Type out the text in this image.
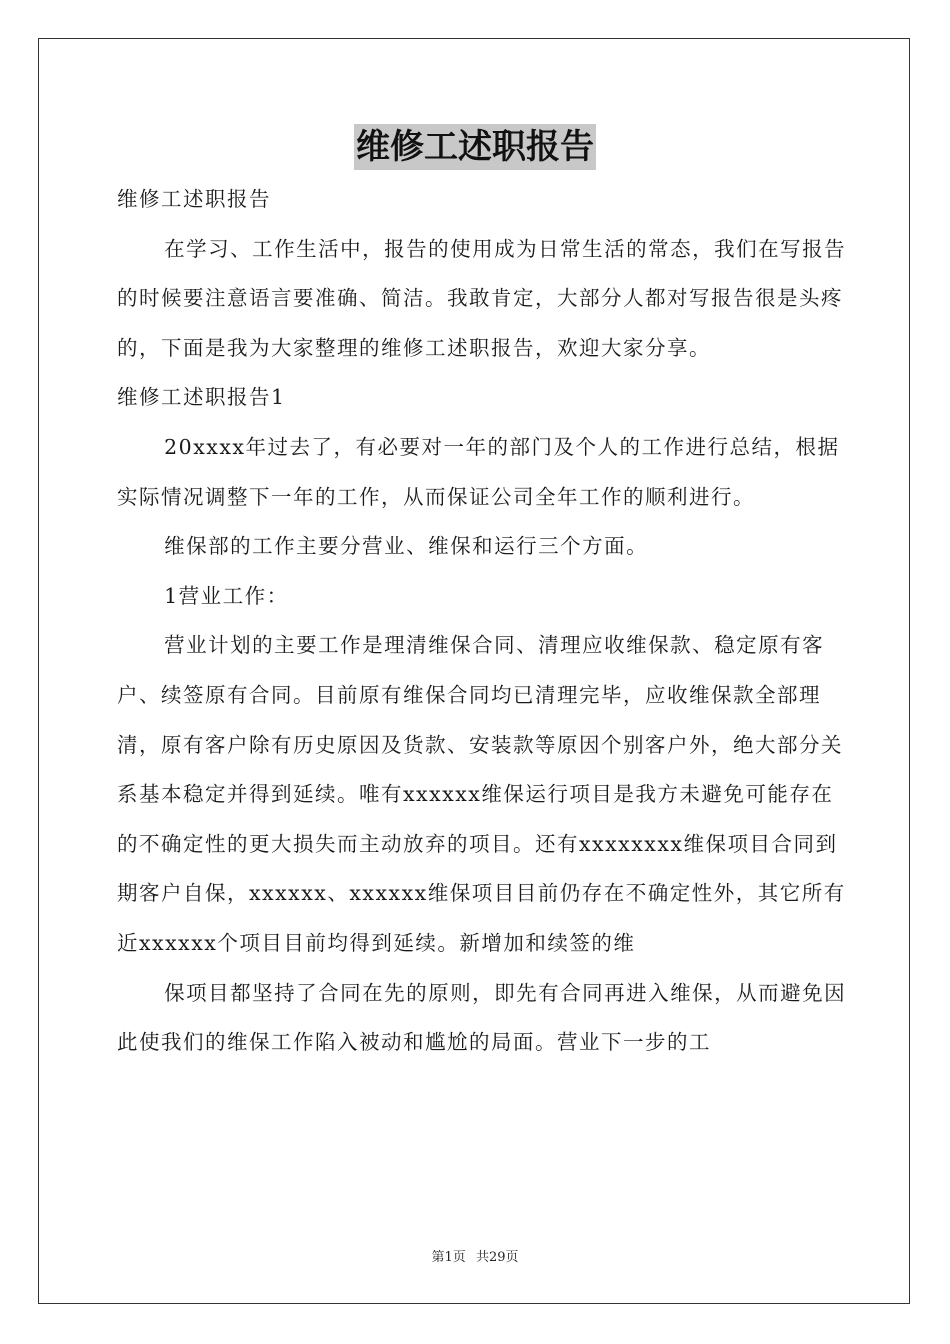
维修工述职报告

维修工述职报告

在学习、工作生活中，报告的使用成为日常生活的常态，我们在写报告的时候要注意语言要准确、简洁。我敢肯定，大部分人都对写报告很是头疼的，下面是我为大家整理的维修工述职报告，欢迎大家分享。

维修工述职报告1

20xxxx年过去了，有必要对一年的部门及个人的工作进行总结，根据实际情况调整下一年的工作，从而保证公司全年工作的顺利进行。

维保部的工作主要分营业、维保和运行三个方面。

1营业工作：

营业计划的主要工作是理清维保合同、清理应收维保款、稳定原有客户、续签原有合同。目前原有维保合同均已清理完毕，应收维保款全部理清，原有客户除有历史原因及货款、安装款等原因个别客户外，绝大部分关系基本稳定并得到延续。唯有xxxxxx维保运行项目是我方未避免可能存在的不确定性的更大损失而主动放弃的项目。还有xxxxxxxx维保项目合同到期客户自保，xxxxxx、xxxxxx维保项目目前仍存在不确定性外，其它所有近xxxxxx个项目目前均得到延续。新增加和续签的维

保项目都坚持了合同在先的原则，即先有合同再进入维保，从而避免因此使我们的维保工作陷入被动和尴尬的局面。营业下一步的工

第1页 共29页
